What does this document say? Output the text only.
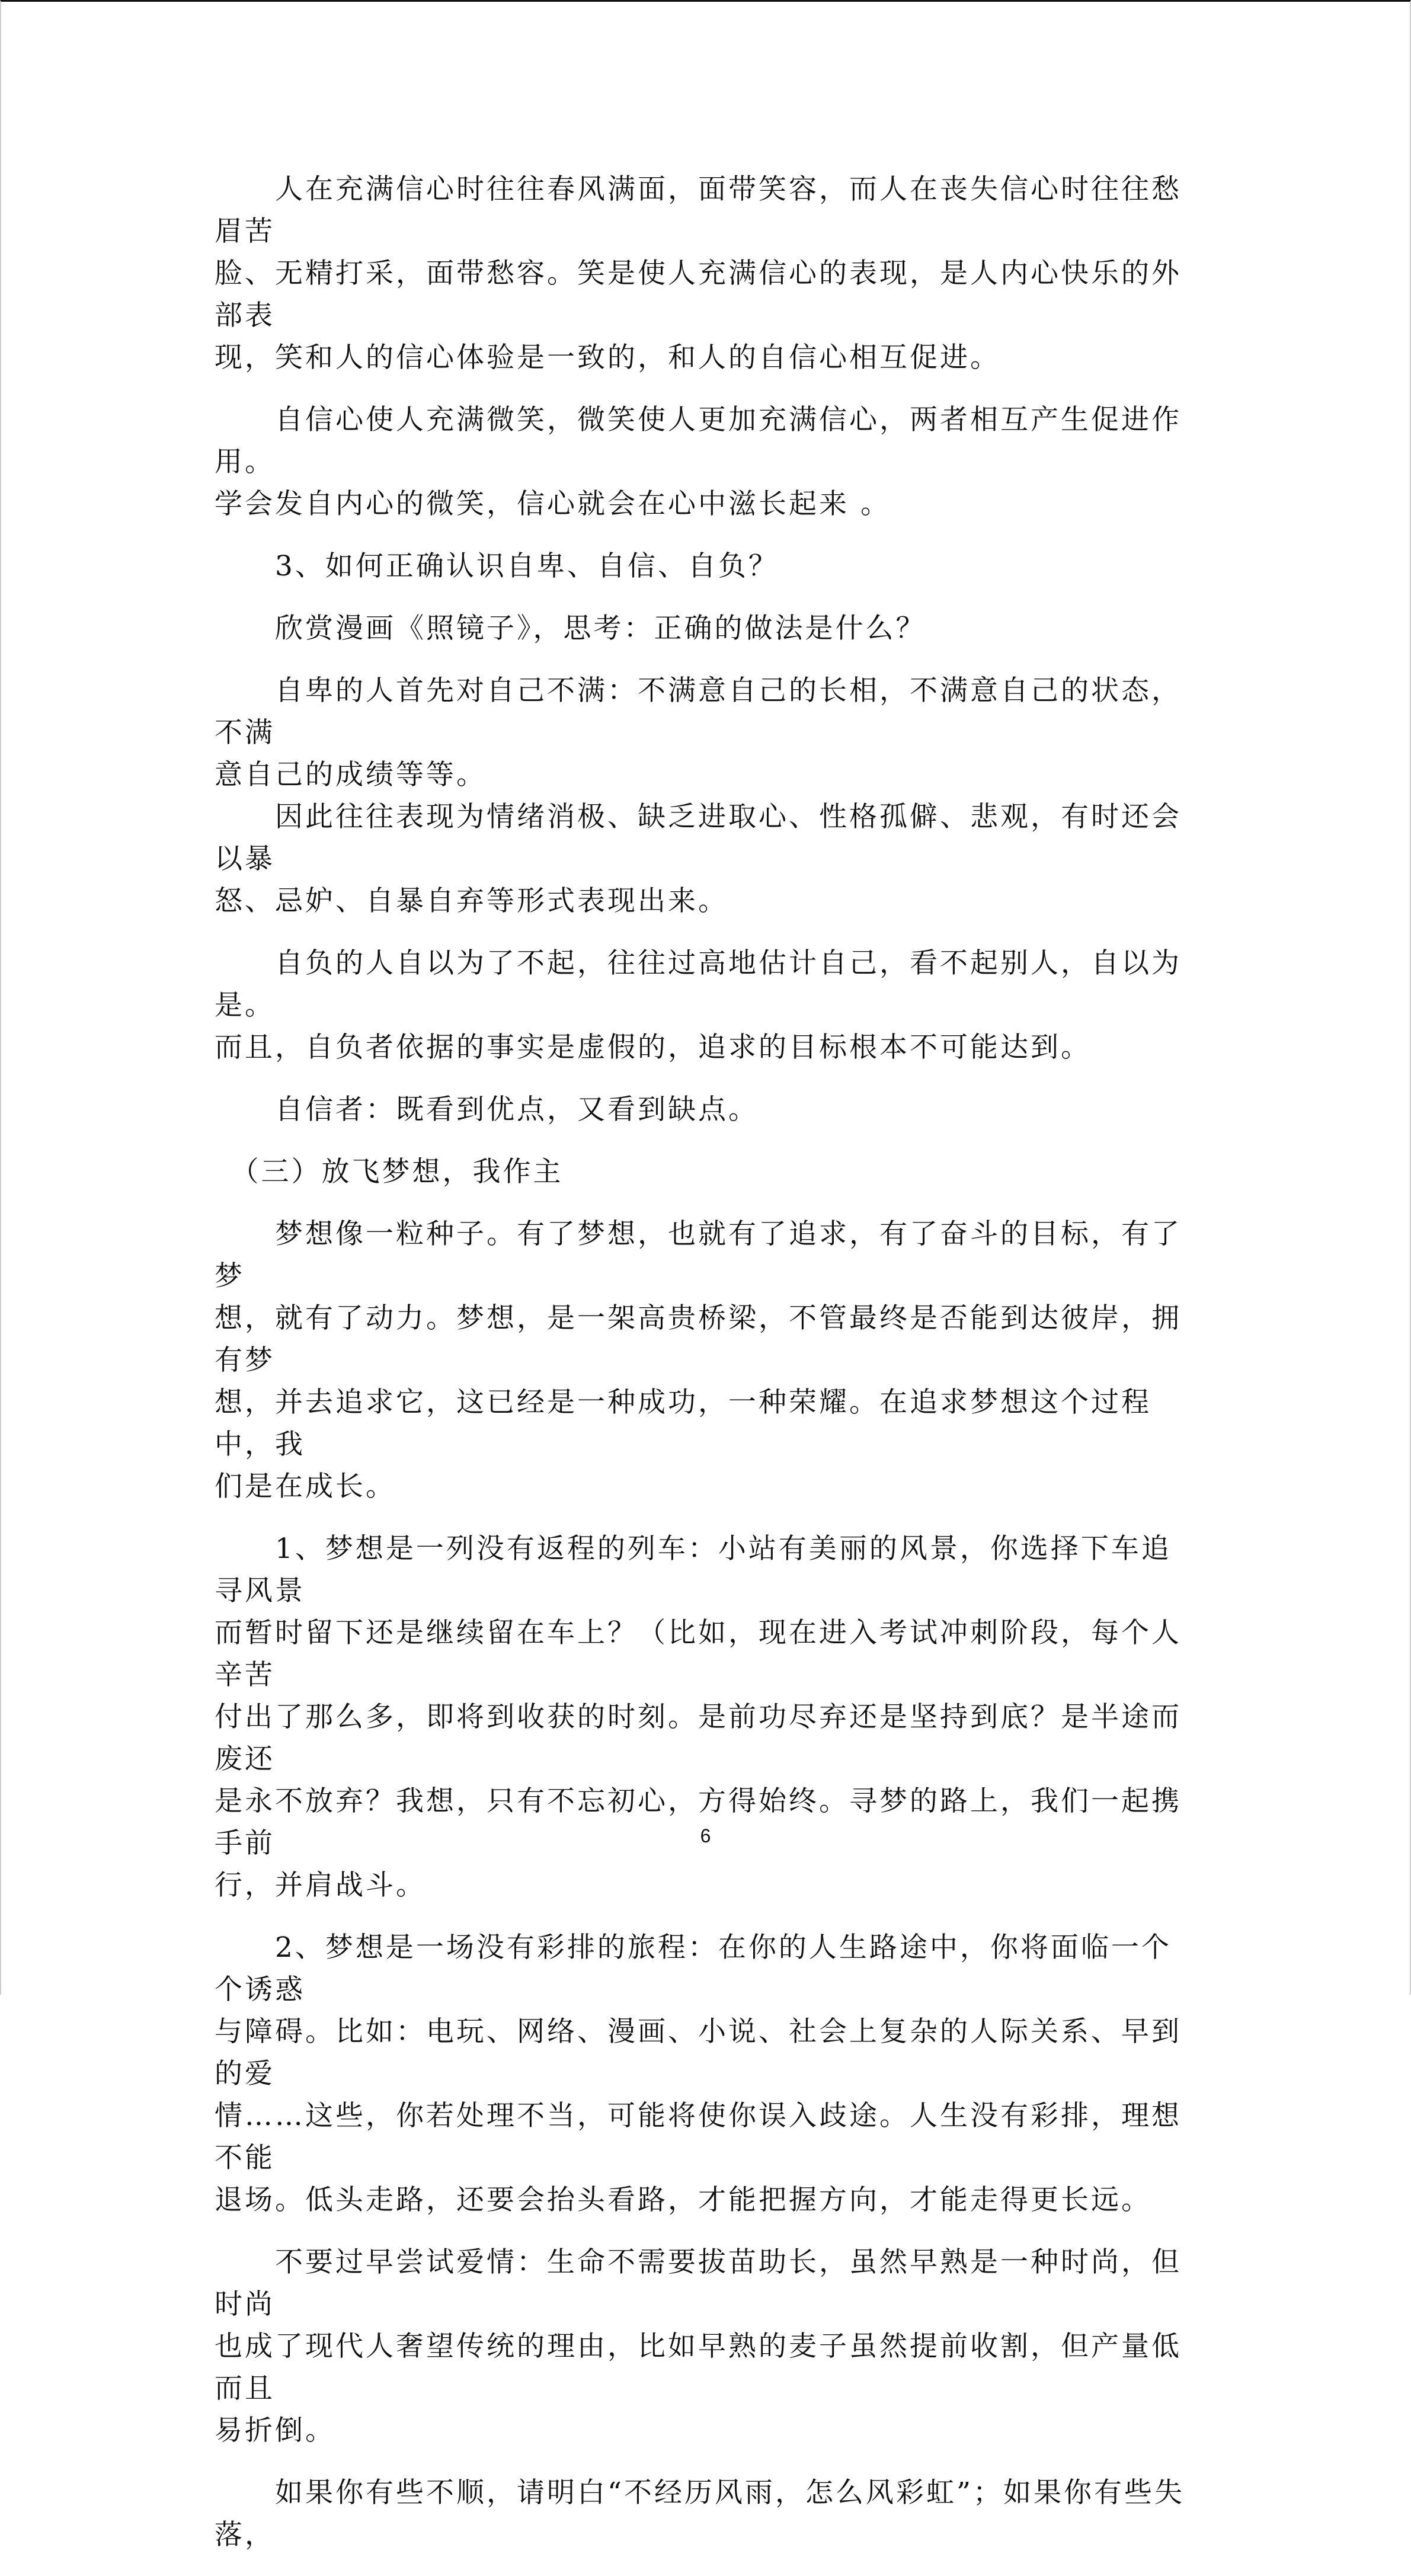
　　人在充满信心时往往春风满面，面带笑容，而人在丧失信心时往往愁眉苦
脸、无精打采，面带愁容。笑是使人充满信心的表现，是人内心快乐的外部表
现，笑和人的信心体验是一致的，和人的自信心相互促进。

　　自信心使人充满微笑，微笑使人更加充满信心，两者相互产生促进作用。
学会发自内心的微笑，信心就会在心中滋长起来 。

　　3、如何正确认识自卑、自信、自负？

　　欣赏漫画《照镜子》，思考：正确的做法是什么？

　　自卑的人首先对自己不满：不满意自己的长相，不满意自己的状态，不满
意自己的成绩等等。

　　因此往往表现为情绪消极、缺乏进取心、性格孤僻、悲观，有时还会以暴
怒、忌妒、自暴自弃等形式表现出来。

　　自负的人自以为了不起，往往过高地估计自己，看不起别人，自以为是。
而且，自负者依据的事实是虚假的，追求的目标根本不可能达到。

　　自信者：既看到优点，又看到缺点。

　（三）放飞梦想，我作主

　　梦想像一粒种子。有了梦想，也就有了追求，有了奋斗的目标，有了梦
想，就有了动力。梦想，是一架高贵桥梁，不管最终是否能到达彼岸，拥有梦
想，并去追求它，这已经是一种成功，一种荣耀。在追求梦想这个过程中，我
们是在成长。

　　1、梦想是一列没有返程的列车：小站有美丽的风景，你选择下车追寻风景
而暂时留下还是继续留在车上？（比如，现在进入考试冲刺阶段，每个人辛苦
付出了那么多，即将到收获的时刻。是前功尽弃还是坚持到底？是半途而废还
是永不放弃？我想，只有不忘初心，方得始终。寻梦的路上，我们一起携手前
行，并肩战斗。

　　2、梦想是一场没有彩排的旅程：在你的人生路途中，你将面临一个个诱惑
与障碍。比如：电玩、网络、漫画、小说、社会上复杂的人际关系、早到的爱
情……这些，你若处理不当，可能将使你误入歧途。人生没有彩排，理想不能
退场。低头走路，还要会抬头看路，才能把握方向，才能走得更长远。

　　不要过早尝试爱情：生命不需要拔苗助长，虽然早熟是一种时尚，但时尚
也成了现代人奢望传统的理由，比如早熟的麦子虽然提前收割，但产量低而且
易折倒。

　　如果你有些不顺，请明白“不经历风雨，怎么风彩虹”；如果你有些失落，

6
